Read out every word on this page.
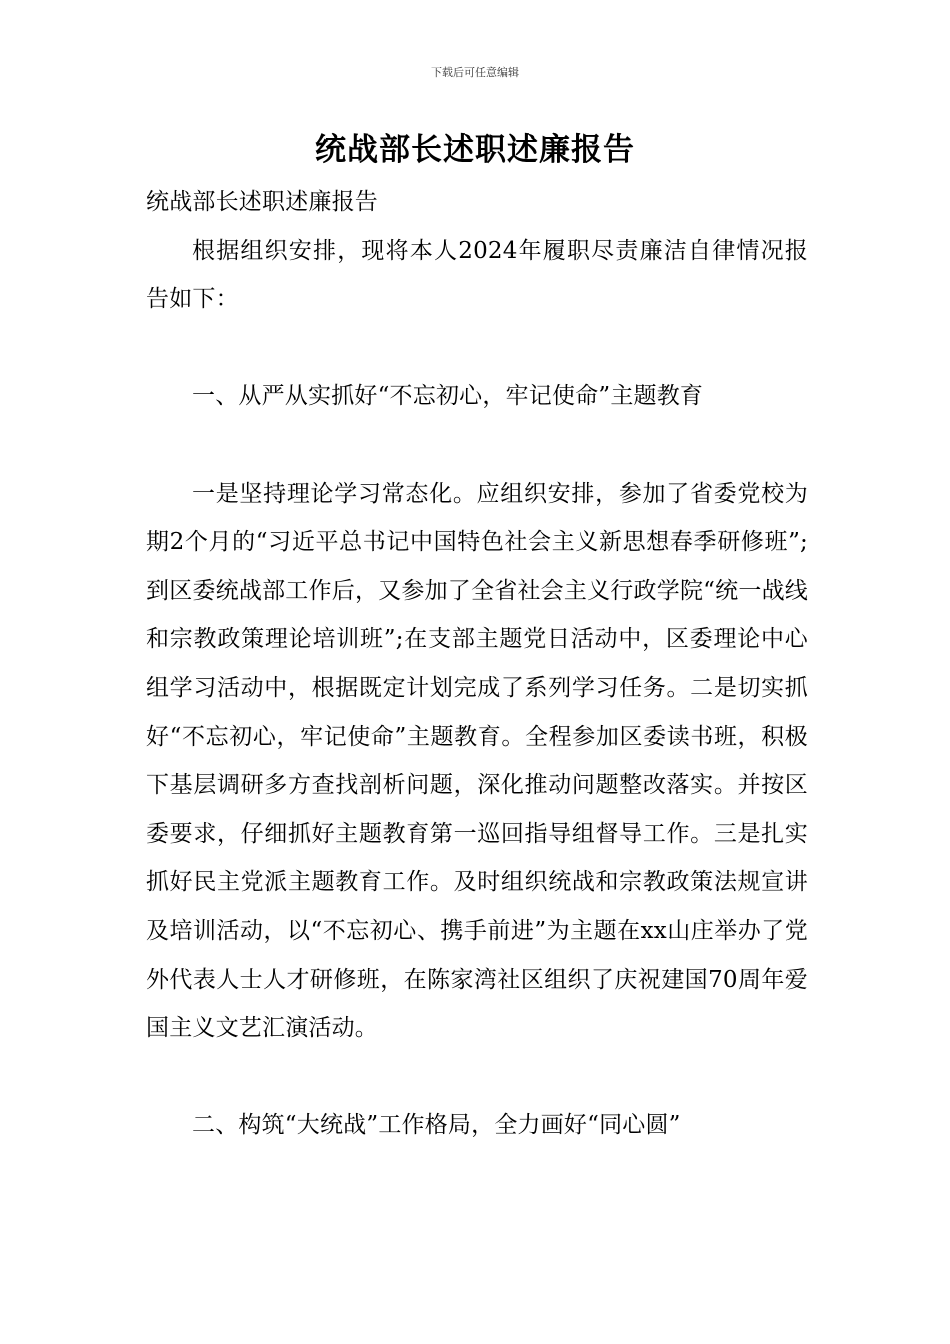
下载后可任意编辑
统战部长述职述廉报告

统战部长述职述廉报告

根据组织安排，现将本人2024年履职尽责廉洁自律情况报告如下：

一、从严从实抓好“不忘初心，牢记使命”主题教育

一是坚持理论学习常态化。应组织安排，参加了省委党校为期2个月的“习近平总书记中国特色社会主义新思想春季研修班”;到区委统战部工作后，又参加了全省社会主义行政学院“统一战线和宗教政策理论培训班”;在支部主题党日活动中，区委理论中心组学习活动中，根据既定计划完成了系列学习任务。二是切实抓好“不忘初心，牢记使命”主题教育。全程参加区委读书班，积极下基层调研多方查找剖析问题，深化推动问题整改落实。并按区委要求，仔细抓好主题教育第一巡回指导组督导工作。三是扎实抓好民主党派主题教育工作。及时组织统战和宗教政策法规宣讲及培训活动，以“不忘初心、携手前进”为主题在xx山庄举办了党外代表人士人才研修班，在陈家湾社区组织了庆祝建国70周年爱国主义文艺汇演活动。

二、构筑“大统战”工作格局，全力画好“同心圆”
